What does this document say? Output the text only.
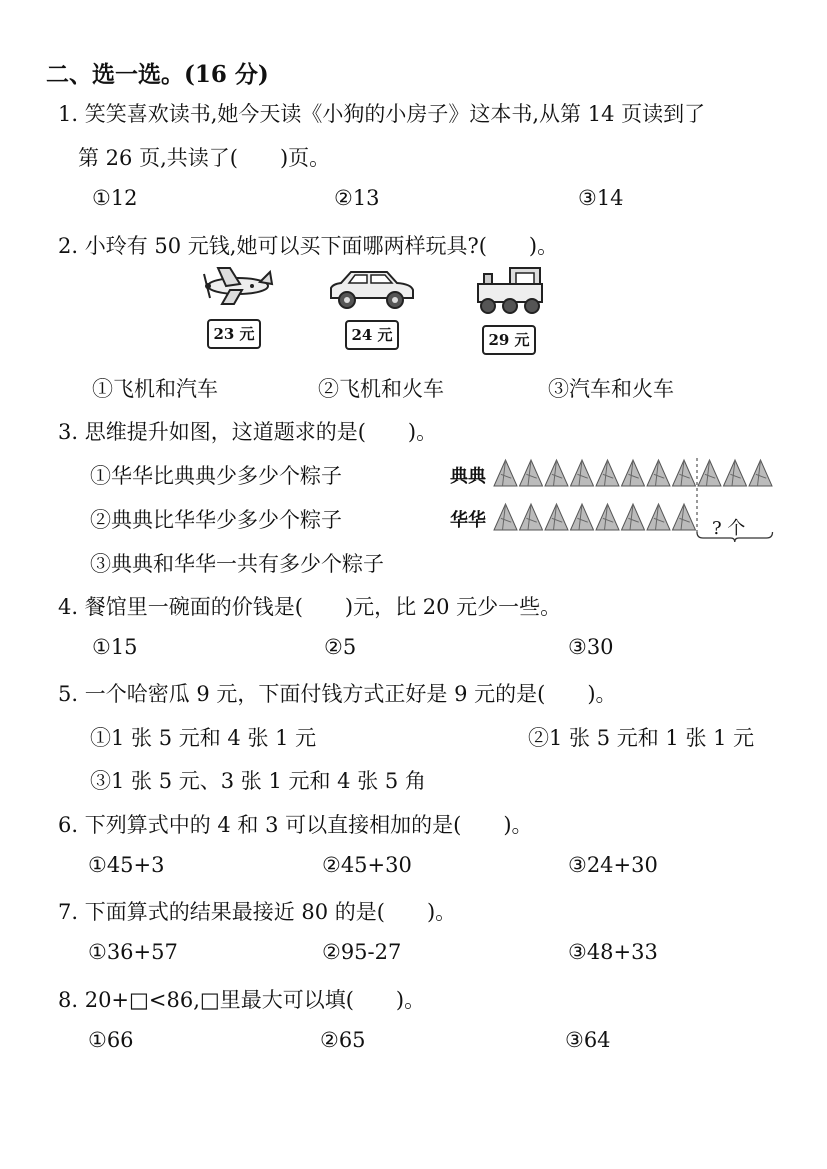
二、选一选。(16 分)
1. 笑笑喜欢读书,她今天读《小狗的小房子》这本书,从第 14 页读到了
第 26 页,共读了(　　)页。
①12	②13	③14
2. 小玲有 50 元钱,她可以买下面哪两样玩具?(　　)。
23 元	24 元	29 元
①飞机和汽车	②飞机和火车	③汽车和火车
3. 思维提升如图，这道题求的是(　　)。
①华华比典典少多少个粽子
②典典比华华少多少个粽子
③典典和华华一共有多少个粽子
典典
华华	? 个
4. 餐馆里一碗面的价钱是(　　)元，比 20 元少一些。
①15	②5	③30
5. 一个哈密瓜 9 元，下面付钱方式正好是 9 元的是(　　)。
①1 张 5 元和 4 张 1 元	②1 张 5 元和 1 张 1 元
③1 张 5 元、3 张 1 元和 4 张 5 角
6. 下列算式中的 4 和 3 可以直接相加的是(　　)。
①45+3	②45+30	③24+30
7. 下面算式的结果最接近 80 的是(　　)。
①36+57	②95-27	③48+33
8. 20+□<86,□里最大可以填(　　)。
①66	②65	③64
